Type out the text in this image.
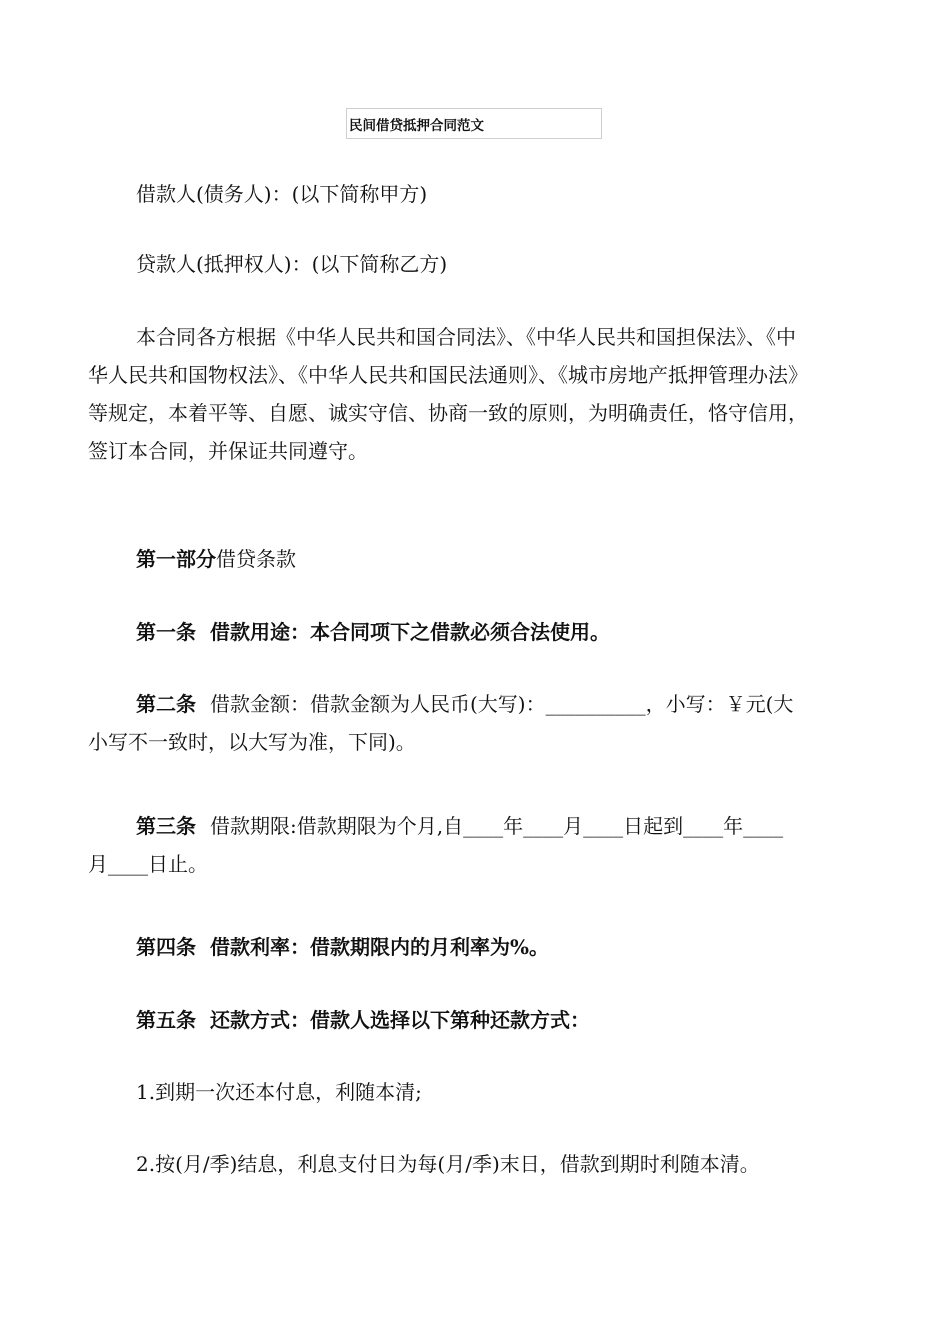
民间借贷抵押合同范文

借款人(债务人)：(以下简称甲方)

贷款人(抵押权人)：(以下简称乙方)

本合同各方根据《中华人民共和国合同法》、《中华人民共和国担保法》、《中
华人民共和国物权法》、《中华人民共和国民法通则》、《城市房地产抵押管理办法》
等规定，本着平等、自愿、诚实守信、协商一致的原则，为明确责任，恪守信用，
签订本合同，并保证共同遵守。

第一部分借贷条款

第一条 借款用途：本合同项下之借款必须合法使用。

第二条 借款金额：借款金额为人民币(大写)：__________，小写：￥元(大
小写不一致时，以大写为准，下同)。
第三条 借款期限:借款期限为个月,自____年____月____日起到____年____
月____日止。

第四条 借款利率：借款期限内的月利率为%。

第五条 还款方式：借款人选择以下第种还款方式：

1.到期一次还本付息，利随本清;

2.按(月/季)结息，利息支付日为每(月/季)末日，借款到期时利随本清。
